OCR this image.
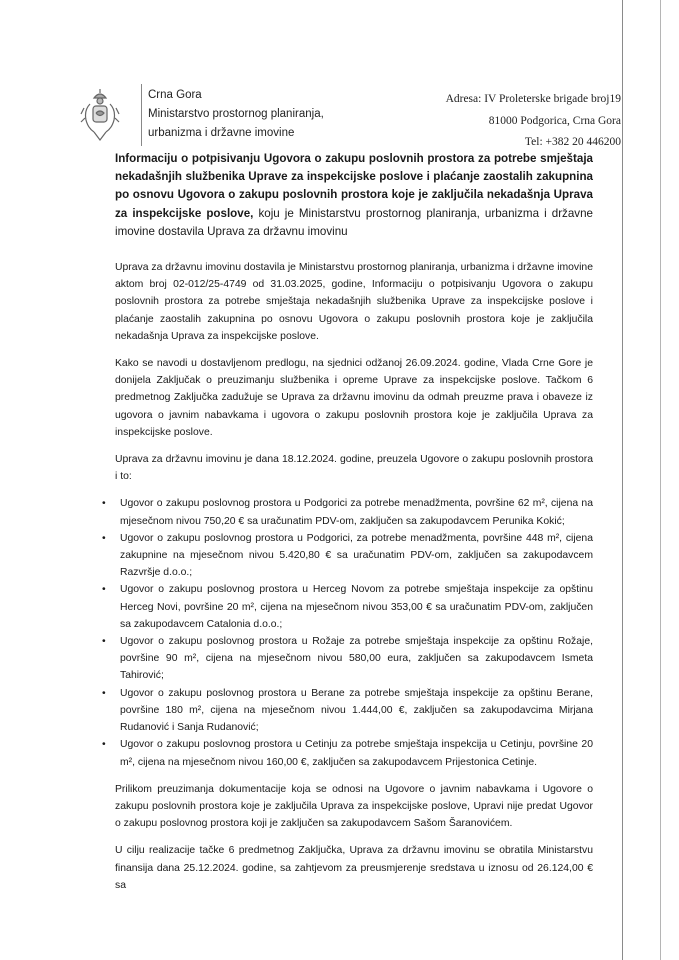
Crna Gora
Ministarstvo prostornog planiranja,
urbanizma i državne imovine
Adresa: IV Proleterske brigade broj19
81000 Podgorica, Crna Gora
Tel: +382 20 446200
Informaciju o potpisivanju Ugovora o zakupu poslovnih prostora za potrebe smještaja nekadašnjih službenika Uprave za inspekcijske poslove i plaćanje zaostalih zakupnina po osnovu Ugovora o zakupu poslovnih prostora koje je zaključila nekadašnja Uprava za inspekcijske poslove, koju je Ministarstvu prostornog planiranja, urbanizma i državne imovine dostavila Uprava za državnu imovinu

Uprava za državnu imovinu dostavila je Ministarstvu prostornog planiranja, urbanizma i državne imovine aktom broj 02-012/25-4749 od 31.03.2025, godine, Informaciju o potpisivanju Ugovora o zakupu poslovnih prostora za potrebe smještaja nekadašnjih službenika Uprave za inspekcijske poslove i plaćanje zaostalih zakupnina po osnovu Ugovora o zakupu poslovnih prostora koje je zaključila nekadašnja Uprava za inspekcijske poslove.

Kako se navodi u dostavljenom predlogu, na sjednici odžanoj 26.09.2024. godine, Vlada Crne Gore je donijela Zaključak o preuzimanju službenika i opreme Uprave za inspekcijske poslove. Tačkom 6 predmetnog Zaključka zadužuje se Uprava za državnu imovinu da odmah preuzme prava i obaveze iz ugovora o javnim nabavkama i ugovora o zakupu poslovnih prostora koje je zaključila Uprava za inspekcijske poslove.

Uprava za državnu imovinu je dana 18.12.2024. godine, preuzela Ugovore o zakupu poslovnih prostora i to:

• Ugovor o zakupu poslovnog prostora u Podgorici za potrebe menadžmenta, površine 62 m², cijena na mjesečnom nivou 750,20 € sa uračunatim PDV-om, zaključen sa zakupodavcem Perunika Kokić;
• Ugovor o zakupu poslovnog prostora u Podgorici, za potrebe menadžmenta, površine 448 m², cijena zakupnine na mjesečnom nivou 5.420,80 € sa uračunatim PDV-om, zaključen sa zakupodavcem Razvršje d.o.o.;
• Ugovor o zakupu poslovnog prostora u Herceg Novom za potrebe smještaja inspekcije za opštinu Herceg Novi, površine 20 m², cijena na mjesečnom nivou 353,00 € sa uračunatim PDV-om, zaključen sa zakupodavcem Catalonia d.o.o.;
• Ugovor o zakupu poslovnog prostora u Rožaje za potrebe smještaja inspekcije za opštinu Rožaje, površine 90 m², cijena na mjesečnom nivou 580,00 eura, zaključen sa zakupodavcem Ismeta Tahirović;
• Ugovor o zakupu poslovnog prostora u Berane za potrebe smještaja inspekcije za opštinu Berane, površine 180 m², cijena na mjesečnom nivou 1.444,00 €, zaključen sa zakupodavcima Mirjana Rudanović i Sanja Rudanović;
• Ugovor o zakupu poslovnog prostora u Cetinju za potrebe smještaja inspekcija u Cetinju, površine 20 m², cijena na mjesečnom nivou 160,00 €, zaključen sa zakupodavcem Prijestonica Cetinje.

Prilikom preuzimanja dokumentacije koja se odnosi na Ugovore o javnim nabavkama i Ugovore o zakupu poslovnih prostora koje je zaključila Uprava za inspekcijske poslove, Upravi nije predat Ugovor o zakupu poslovnog prostora koji je zaključen sa zakupodavcem Sašom Šaranovićem.

U cilju realizacije tačke 6 predmetnog Zaključka, Uprava za državnu imovinu se obratila Ministarstvu finansija dana 25.12.2024. godine, sa zahtjevom za preusmjerenje sredstava u iznosu od 26.124,00 € sa
